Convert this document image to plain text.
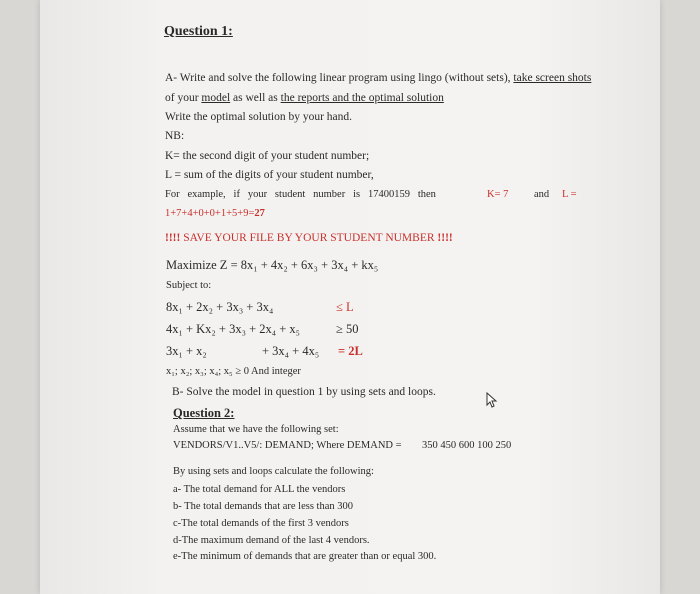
Question 1:
A- Write and solve the following linear program using lingo (without sets), take screen shots
of your model as well as the reports and the optimal solution
Write the optimal solution by your hand.
NB:
K= the second digit of your student number;
L = sum of the digits of your student number,
For   example,   if   your   student   number   is   17400159   then	K= 7 and L =
1+7+4+0+0+1+5+9=27
!!!! SAVE YOUR FILE BY YOUR STUDENT NUMBER !!!!
Maximize Z = 8x₁ + 4x₂ + 6x₃ + 3x₄ + kx₅
Subject to:
8x₁ + 2x₂ + 3x₃ + 3x₄	≤ L
4x₁ + Kx₂ + 3x₃ + 2x₄ + x₅	≥ 50
3x₁ + x₂	+ 3x₄ + 4x₅ = 2L
x₁; x₂; x₃; x₄; x₅ ≥ 0 And integer
B- Solve the model in question 1 by using sets and loops.
Question 2:
Assume that we have the following set:
VENDORS/V1..V5/: DEMAND; Where DEMAND = 350 450 600 100 250
By using sets and loops calculate the following:
a- The total demand for ALL the vendors
b- The total demands that are less than 300
c-The total demands of the first 3 vendors
d-The maximum demand of the last 4 vendors.
e-The minimum of demands that are greater than or equal 300.
